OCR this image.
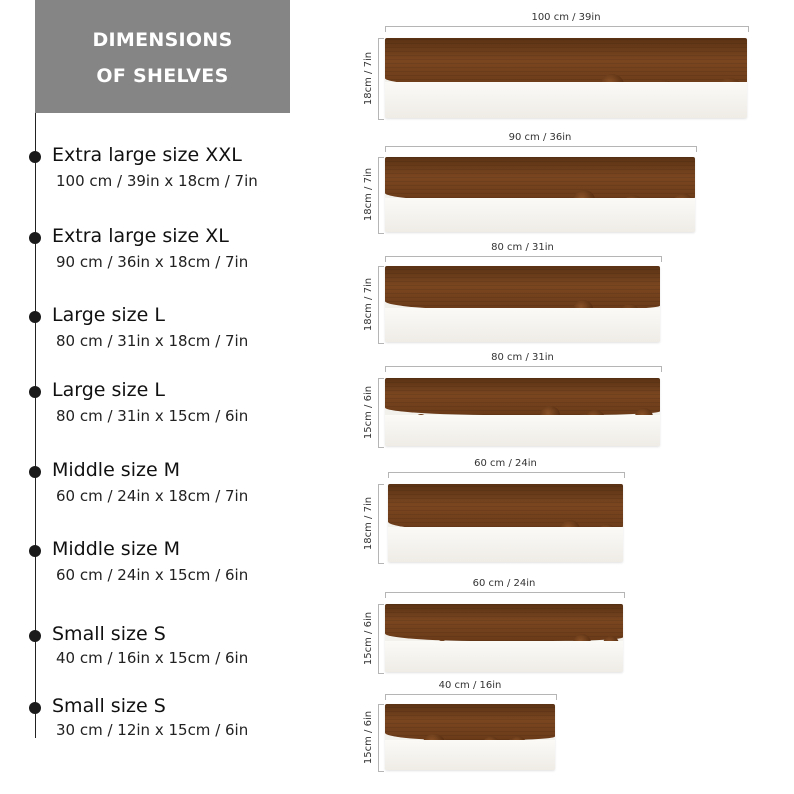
DIMENSIONS
OF SHELVES
Extra large size XXL
100 cm / 39in x 18cm / 7in
Extra large size XL
90 cm / 36in x 18cm / 7in
Large size L
80 cm / 31in x 18cm / 7in
Large size L
80 cm / 31in x 15cm / 6in
Middle size M
60 cm / 24in x 18cm / 7in
Middle size M
60 cm / 24in x 15cm / 6in
Small size S
40 cm / 16in x 15cm / 6in
Small size S
30 cm / 12in x 15cm / 6in
100 cm / 39in
18cm / 7in
90 cm / 36in
18cm / 7in
80 cm / 31in
18cm / 7in
80 cm / 31in
15cm / 6in
60 cm / 24in
18cm / 7in
60 cm / 24in
15cm / 6in
40 cm / 16in
15cm / 6in
